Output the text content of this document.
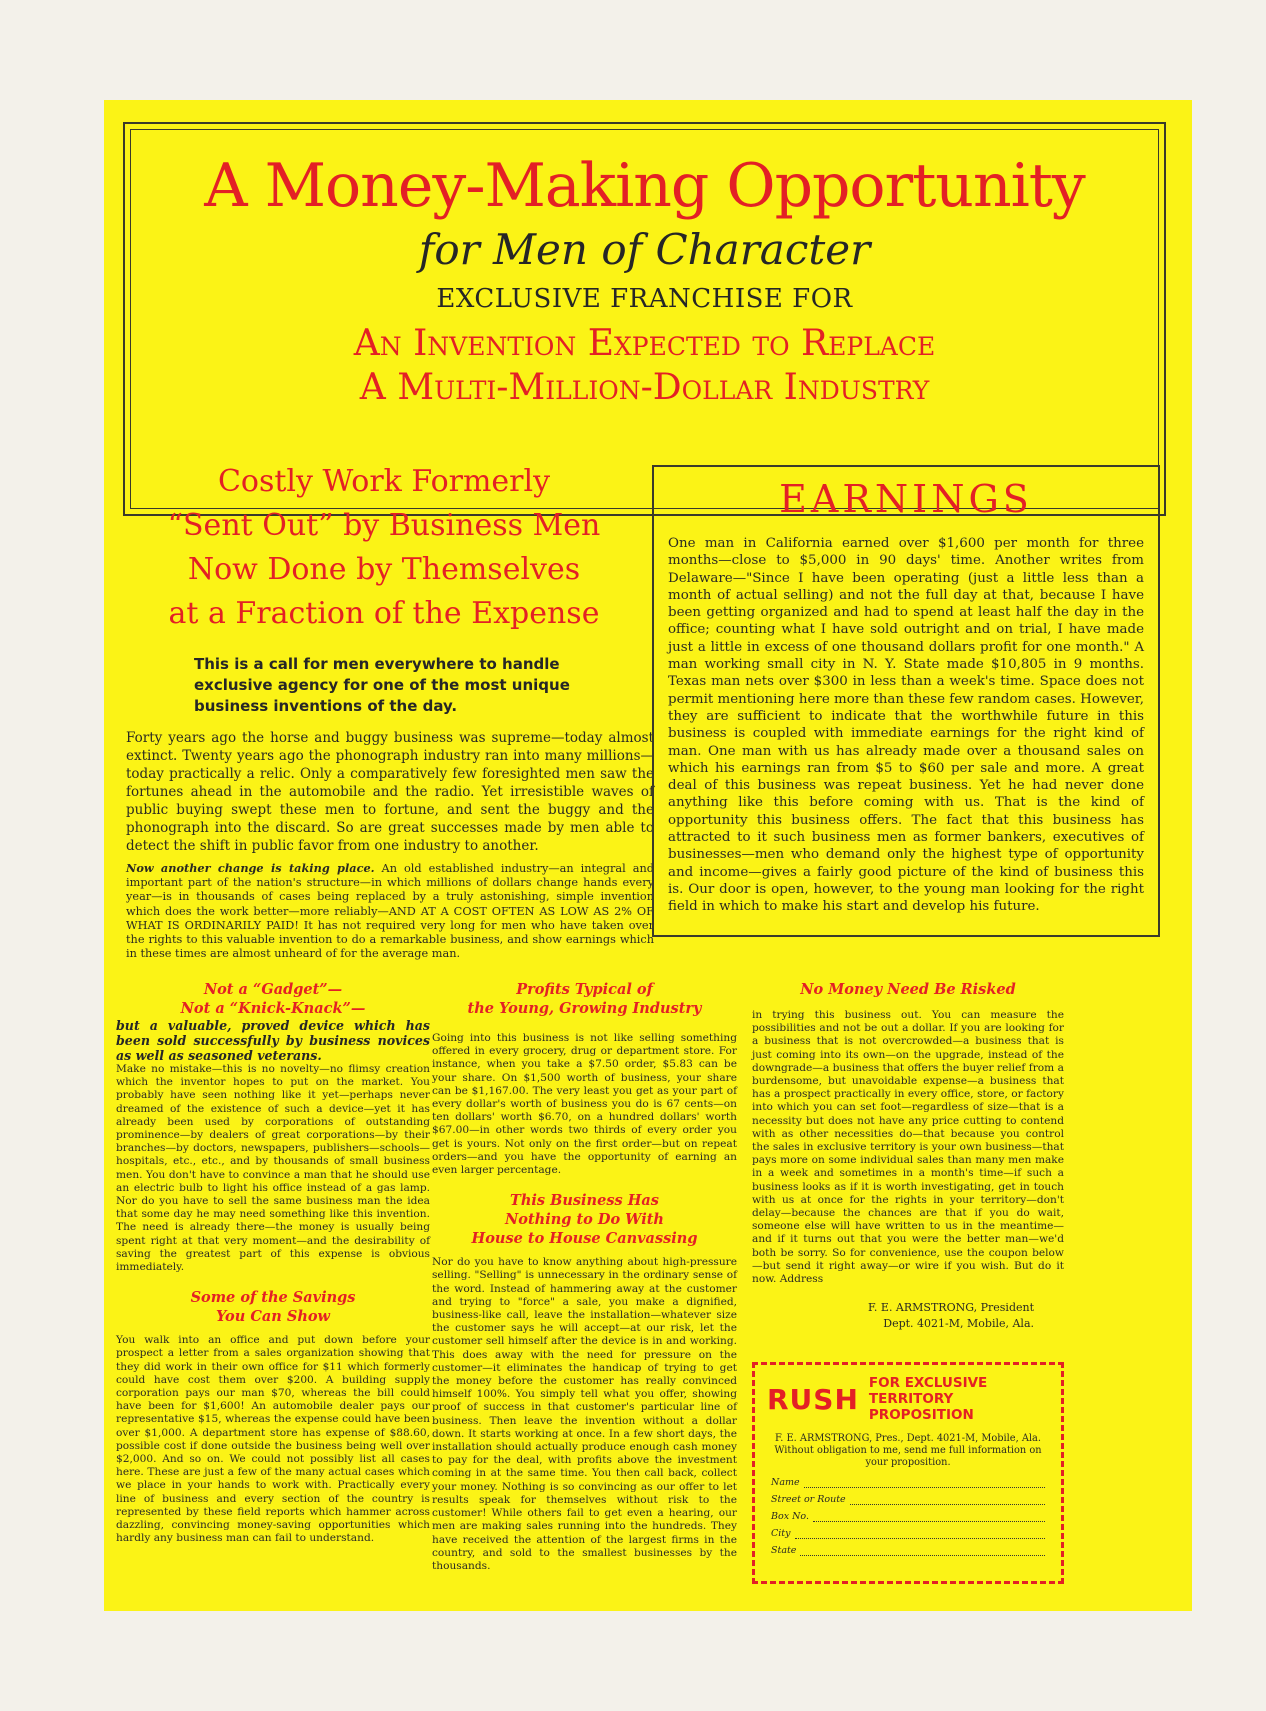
A Money-Making Opportunity
for Men of Character
EXCLUSIVE FRANCHISE FOR
An Invention Expected to Replace
A Multi-Million-Dollar Industry

Costly Work Formerly
“Sent Out” by Business Men
Now Done by Themselves
at a Fraction of the Expense

This is a call for men everywhere to handle exclusive agency for one of the most unique business inventions of the day.

Forty years ago the horse and buggy business was supreme—today almost extinct. Twenty years ago the phonograph industry ran into many millions—today practically a relic. Only a comparatively few foresighted men saw the fortunes ahead in the automobile and the radio. Yet irresistible waves of public buying swept these men to fortune, and sent the buggy and the phonograph into the discard. So are great successes made by men able to detect the shift in public favor from one industry to another.

Now another change is taking place. An old established industry—an integral and important part of the nation's structure—in which millions of dollars change hands every year—is in thousands of cases being replaced by a truly astonishing, simple invention which does the work better—more reliably—AND AT A COST OFTEN AS LOW AS 2% OF WHAT IS ORDINARILY PAID! It has not required very long for men who have taken over the rights to this valuable invention to do a remarkable business, and show earnings which in these times are almost unheard of for the average man.

EARNINGS
One man in California earned over $1,600 per month for three months—close to $5,000 in 90 days' time. Another writes from Delaware—"Since I have been operating (just a little less than a month of actual selling) and not the full day at that, because I have been getting organized and had to spend at least half the day in the office; counting what I have sold outright and on trial, I have made just a little in excess of one thousand dollars profit for one month." A man working small city in N. Y. State made $10,805 in 9 months. Texas man nets over $300 in less than a week's time. Space does not permit mentioning here more than these few random cases. However, they are sufficient to indicate that the worthwhile future in this business is coupled with immediate earnings for the right kind of man. One man with us has already made over a thousand sales on which his earnings ran from $5 to $60 per sale and more. A great deal of this business was repeat business. Yet he had never done anything like this before coming with us. That is the kind of opportunity this business offers. The fact that this business has attracted to it such business men as former bankers, executives of businesses—men who demand only the highest type of opportunity and income—gives a fairly good picture of the kind of business this is. Our door is open, however, to the young man looking for the right field in which to make his start and develop his future.

Not a “Gadget”—
Not a “Knick-Knack”—

but a valuable, proved device which has been sold successfully by business novices as well as seasoned veterans.

Make no mistake—this is no novelty—no flimsy creation which the inventor hopes to put on the market. You probably have seen nothing like it yet—perhaps never dreamed of the existence of such a device—yet it has already been used by corporations of outstanding prominence—by dealers of great corporations—by their branches—by doctors, newspapers, publishers—schools—hospitals, etc., etc., and by thousands of small business men. You don't have to convince a man that he should use an electric bulb to light his office instead of a gas lamp. Nor do you have to sell the same business man the idea that some day he may need something like this invention. The need is already there—the money is usually being spent right at that very moment—and the desirability of saving the greatest part of this expense is obvious immediately.

Some of the Savings
You Can Show

You walk into an office and put down before your prospect a letter from a sales organization showing that they did work in their own office for $11 which formerly could have cost them over $200. A building supply corporation pays our man $70, whereas the bill could have been for $1,600! An automobile dealer pays our representative $15, whereas the expense could have been over $1,000. A department store has expense of $88.60, possible cost if done outside the business being well over $2,000. And so on. We could not possibly list all cases here. These are just a few of the many actual cases which we place in your hands to work with. Practically every line of business and every section of the country is represented by these field reports which hammer across dazzling, convincing money-saving opportunities which hardly any business man can fail to understand.

Profits Typical of
the Young, Growing Industry

Going into this business is not like selling something offered in every grocery, drug or department store. For instance, when you take a $7.50 order, $5.83 can be your share. On $1,500 worth of business, your share can be $1,167.00. The very least you get as your part of every dollar's worth of business you do is 67 cents—on ten dollars' worth $6.70, on a hundred dollars' worth $67.00—in other words two thirds of every order you get is yours. Not only on the first order—but on repeat orders—and you have the opportunity of earning an even larger percentage.

This Business Has
Nothing to Do With
House to House Canvassing

Nor do you have to know anything about high-pressure selling. "Selling" is unnecessary in the ordinary sense of the word. Instead of hammering away at the customer and trying to "force" a sale, you make a dignified, business-like call, leave the installation—whatever size the customer says he will accept—at our risk, let the customer sell himself after the device is in and working. This does away with the need for pressure on the customer—it eliminates the handicap of trying to get the money before the customer has really convinced himself 100%. You simply tell what you offer, showing proof of success in that customer's particular line of business. Then leave the invention without a dollar down. It starts working at once. In a few short days, the installation should actually produce enough cash money to pay for the deal, with profits above the investment coming in at the same time. You then call back, collect your money. Nothing is so convincing as our offer to let results speak for themselves without risk to the customer! While others fail to get even a hearing, our men are making sales running into the hundreds. They have received the attention of the largest firms in the country, and sold to the smallest businesses by the thousands.

No Money Need Be Risked

in trying this business out. You can measure the possibilities and not be out a dollar. If you are looking for a business that is not overcrowded—a business that is just coming into its own—on the upgrade, instead of the downgrade—a business that offers the buyer relief from a burdensome, but unavoidable expense—a business that has a prospect practically in every office, store, or factory into which you can set foot—regardless of size—that is a necessity but does not have any price cutting to contend with as other necessities do—that because you control the sales in exclusive territory is your own business—that pays more on some individual sales than many men make in a week and sometimes in a month's time—if such a business looks as if it is worth investigating, get in touch with us at once for the rights in your territory—don't delay—because the chances are that if you do wait, someone else will have written to us in the meantime—and if it turns out that you were the better man—we'd both be sorry. So for convenience, use the coupon below—but send it right away—or wire if you wish. But do it now. Address

F. E. ARMSTRONG, President
Dept. 4021-M, Mobile, Ala.
RUSH FOR EXCLUSIVE
TERRITORY PROPOSITION
F. E. ARMSTRONG, Pres., Dept. 4021-M, Mobile, Ala. Without obligation to me, send me full information on your proposition.
Name
Street or Route
Box No.
City
State
